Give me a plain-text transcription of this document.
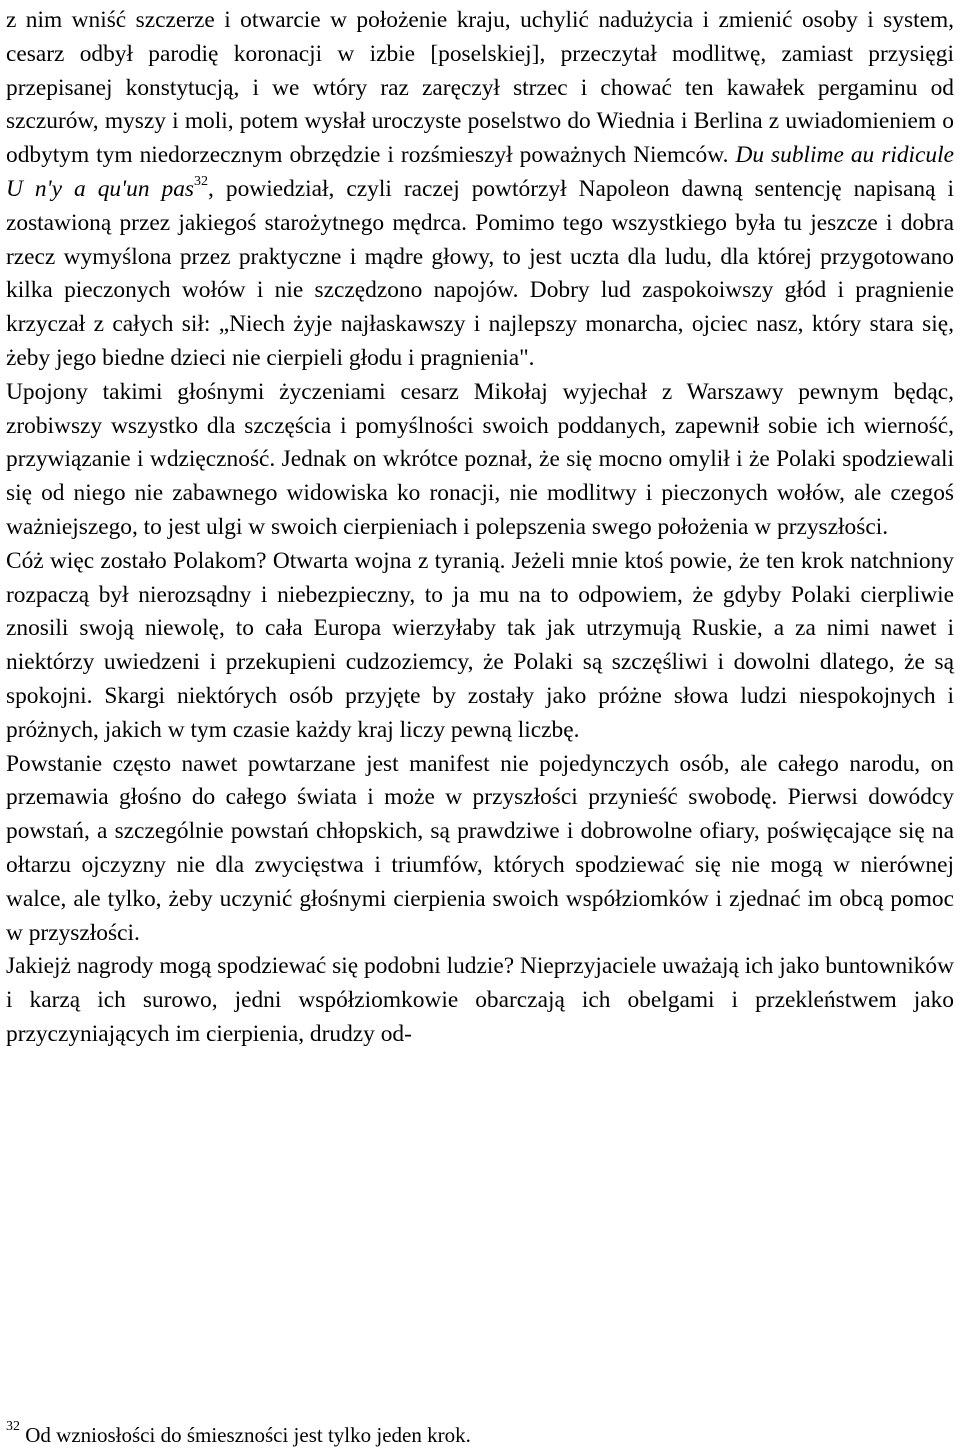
z nim wniść szczerze i otwarcie w położenie kraju, uchylić nadużycia i zmienić osoby i system, cesarz odbył parodię koronacji w izbie [poselskiej], przeczytał modlitwę, zamiast przysięgi przepisanej konstytucją, i we wtóry raz zaręczył strzec i chować ten kawałek pergaminu od szczurów, myszy i moli, potem wysłał uroczyste poselstwo do Wiednia i Berlina z uwiadomieniem o odbytym tym niedorzecznym obrzędzie i rozśmieszył poważnych Niemców. Du sublime au ridicule U n'y a qu'un pas$^{32}$, powiedział, czyli raczej powtórzył Napoleon dawną sentencję napisaną i zostawioną przez jakiegoś starożytnego mędrca. Pomimo tego wszystkiego była tu jeszcze i dobra rzecz wymyślona przez praktyczne i mądre głowy, to jest uczta dla ludu, dla której przygotowano kilka pieczonych wołów i nie szczędzono napojów. Dobry lud zaspokoiwszy głód i pragnienie krzyczał z całych sił: „Niech żyje najłaskawszy i najlepszy monarcha, ojciec nasz, który stara się, żeby jego biedne dzieci nie cierpieli głodu i pragnienia".

Upojony takimi głośnymi życzeniami cesarz Mikołaj wyjechał z Warszawy pewnym będąc, zrobiwszy wszystko dla szczęścia i pomyślności swoich poddanych, zapewnił sobie ich wierność, przywiązanie i wdzięczność. Jednak on wkrótce poznał, że się mocno omylił i że Polaki spodziewali się od niego nie zabawnego widowiska ko ronacji, nie modlitwy i pieczonych wołów, ale czegoś ważniejszego, to jest ulgi w swoich cierpieniach i polepszenia swego położenia w przyszłości.

Cóż więc zostało Polakom? Otwarta wojna z tyranią. Jeżeli mnie ktoś powie, że ten krok natchniony rozpaczą był nierozsądny i niebezpieczny, to ja mu na to odpowiem, że gdyby Polaki cierpliwie znosili swoją niewolę, to cała Europa wierzyłaby tak jak utrzymują Ruskie, a za nimi nawet i niektórzy uwiedzeni i przekupieni cudzoziemcy, że Polaki są szczęśliwi i dowolni dlatego, że są spokojni. Skargi niektórych osób przyjęte by zostały jako próżne słowa ludzi niespokojnych i próżnych, jakich w tym czasie każdy kraj liczy pewną liczbę.

Powstanie często nawet powtarzane jest manifest nie pojedynczych osób, ale całego narodu, on przemawia głośno do całego świata i może w przyszłości przynieść swobodę. Pierwsi dowódcy powstań, a szczególnie powstań chłopskich, są prawdziwe i dobrowolne ofiary, poświęcające się na ołtarzu ojczyzny nie dla zwycięstwa i triumfów, których spodziewać się nie mogą w nierównej walce, ale tylko, żeby uczynić głośnymi cierpienia swoich współziomków i zjednać im obcą pomoc w przyszłości.

Jakiejż nagrody mogą spodziewać się podobni ludzie? Nieprzyjaciele uważają ich jako buntowników i karzą ich surowo, jedni współziomkowie obarczają ich obelgami i przekleństwem jako przyczyniających im cierpienia, drudzy od-

$^{32}$ Od wzniosłości do śmieszności jest tylko jeden krok.
